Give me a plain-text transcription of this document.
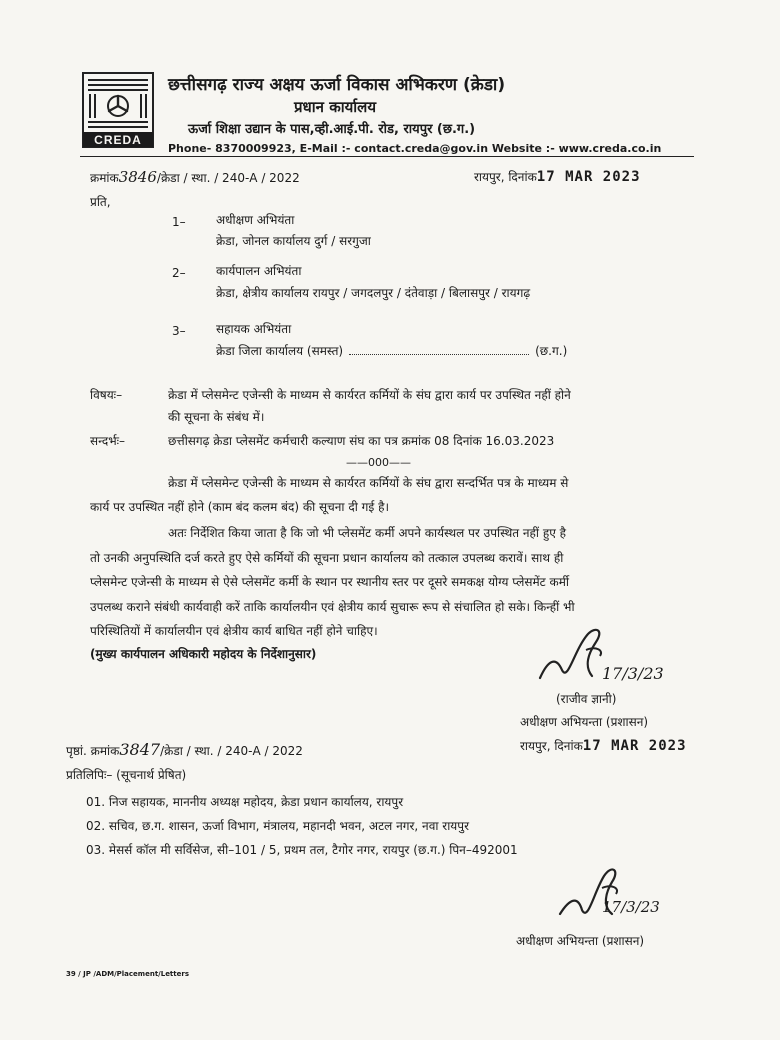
CREDA
छत्तीसगढ़ राज्य अक्षय ऊर्जा विकास अभिकरण (क्रेडा)
प्रधान कार्यालय
ऊर्जा शिक्षा उद्यान के पास,व्ही.आई.पी. रोड, रायपुर (छ.ग.)
Phone- 8370009923, E-Mail :- contact.creda@gov.in Website :- www.creda.co.in
क्रमांक3846/क्रेडा / स्था. / 240-A / 2022	रायपुर, दिनांक17 MAR 2023
प्रति,
1–	अधीक्षण अभियंता
क्रेडा, जोनल कार्यालय दुर्ग / सरगुजा
2–	कार्यपालन अभियंता
क्रेडा, क्षेत्रीय कार्यालय रायपुर / जगदलपुर / दंतेवाड़ा / बिलासपुर / रायगढ़
3–	सहायक अभियंता
क्रेडा जिला कार्यालय (समस्त)	(छ.ग.)
विषयः–	क्रेडा में प्लेसमेन्ट एजेन्सी के माध्यम से कार्यरत कर्मियों के संघ द्वारा कार्य पर उपस्थित नहीं होने
की सूचना के संबंध में।
सन्दर्भः–	छत्तीसगढ़ क्रेडा प्लेसमेंट कर्मचारी कल्याण संघ का पत्र क्रमांक 08 दिनांक 16.03.2023
——000——
क्रेडा में प्लेसमेन्ट एजेन्सी के माध्यम से कार्यरत कर्मियों के संघ द्वारा सन्दर्भित पत्र के माध्यम से
कार्य पर उपस्थित नहीं होने (काम बंद कलम बंद) की सूचना दी गई है।
अतः निर्देशित किया जाता है कि जो भी प्लेसमेंट कर्मी अपने कार्यस्थल पर उपस्थित नहीं हुए है
तो उनकी अनुपस्थिति दर्ज करते हुए ऐसे कर्मियों की सूचना प्रधान कार्यालय को तत्काल उपलब्ध करावें। साथ ही
प्लेसमेन्ट एजेन्सी के माध्यम से ऐसे प्लेसमेंट कर्मी के स्थान पर स्थानीय स्तर पर दूसरे समकक्ष योग्य प्लेसमेंट कर्मी
उपलब्ध कराने संबंधी कार्यवाही करें ताकि कार्यालयीन एवं क्षेत्रीय कार्य सुचारू रूप से संचालित हो सके। किन्हीं भी
परिस्थितियों में कार्यालयीन एवं क्षेत्रीय कार्य बाधित नहीं होने चाहिए।
(मुख्य कार्यपालन अधिकारी महोदय के निर्देशानुसार)
17/3/23
(राजीव ज्ञानी)
अधीक्षण अभियन्ता (प्रशासन)
रायपुर, दिनांक17 MAR 2023
पृष्ठां. क्रमांक3847/क्रेडा / स्था. / 240-A / 2022
प्रतिलिपिः– (सूचनार्थ प्रेषित)
01. निज सहायक, माननीय अध्यक्ष महोदय, क्रेडा प्रधान कार्यालय, रायपुर
02. सचिव, छ.ग. शासन, ऊर्जा विभाग, मंत्रालय, महानदी भवन, अटल नगर, नवा रायपुर
03. मेसर्स कॉल मी सर्विसेज, सी–101 / 5, प्रथम तल, टैगोर नगर, रायपुर (छ.ग.) पिन–492001
17/3/23
अधीक्षण अभियन्ता (प्रशासन)
39 / JP /ADM/Placement/Letters
